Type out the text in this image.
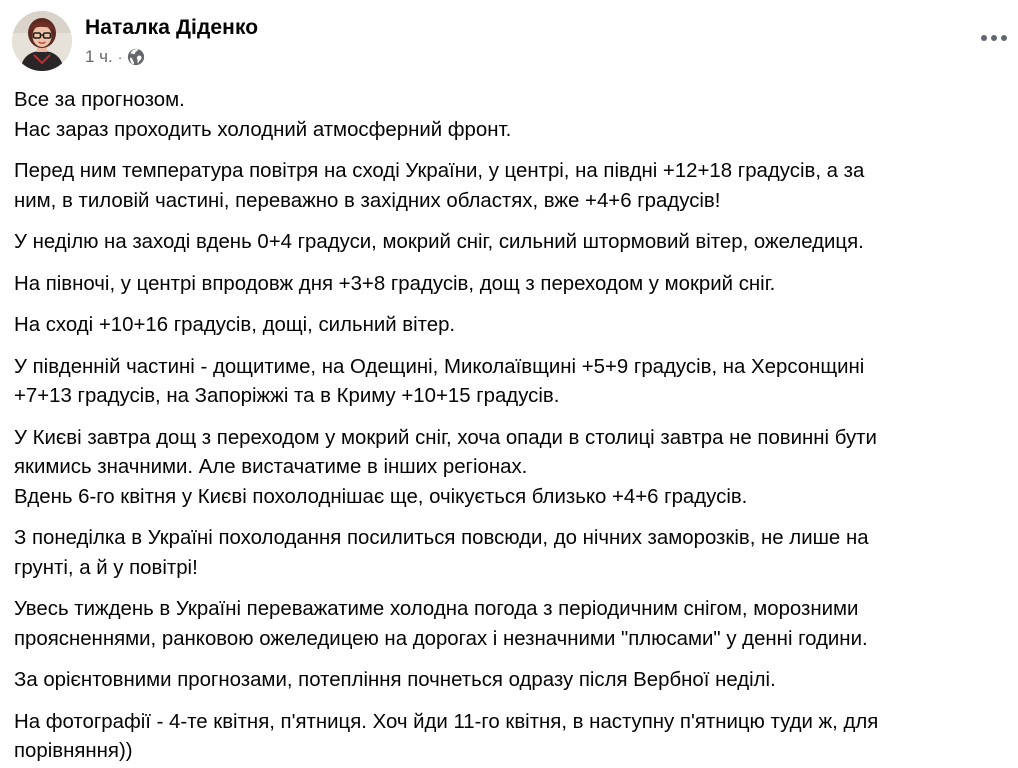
Наталка Діденко
1 ч. ·
Все за прогнозом.
Нас зараз проходить холодний атмосферний фронт.
Перед ним температура повітря на сході України, у центрі, на півдні +12+18 градусів, а за
ним, в тиловій частині, переважно в західних областях, вже +4+6 градусів!
У неділю на заході вдень 0+4 градуси, мокрий сніг, сильний штормовий вітер, ожеледиця.
На півночі, у центрі впродовж дня +3+8 градусів, дощ з переходом у мокрий сніг.
На сході +10+16 градусів, дощі, сильний вітер.
У південній частині - дощитиме, на Одещині, Миколаївщині +5+9 градусів, на Херсонщині
+7+13 градусів, на Запоріжжі та в Криму +10+15 градусів.
У Києві завтра дощ з переходом у мокрий сніг, хоча опади в столиці завтра не повинні бути
якимись значними. Але вистачатиме в інших регіонах.
Вдень 6-го квітня у Києві похолоднішає ще, очікується близько +4+6 градусів.
З понеділка в Україні похолодання посилиться повсюди, до нічних заморозків, не лише на
грунті, а й у повітрі!
Увесь тиждень в Україні переважатиме холодна погода з періодичним снігом, морозними
проясненнями, ранковою ожеледицею на дорогах і незначними "плюсами" у денні години.
За орієнтовними прогнозами, потепління почнеться одразу після Вербної неділі.
На фотографії - 4-те квітня, п'ятниця. Хоч йди 11-го квітня, в наступну п'ятницю туди ж, для
порівняння))
